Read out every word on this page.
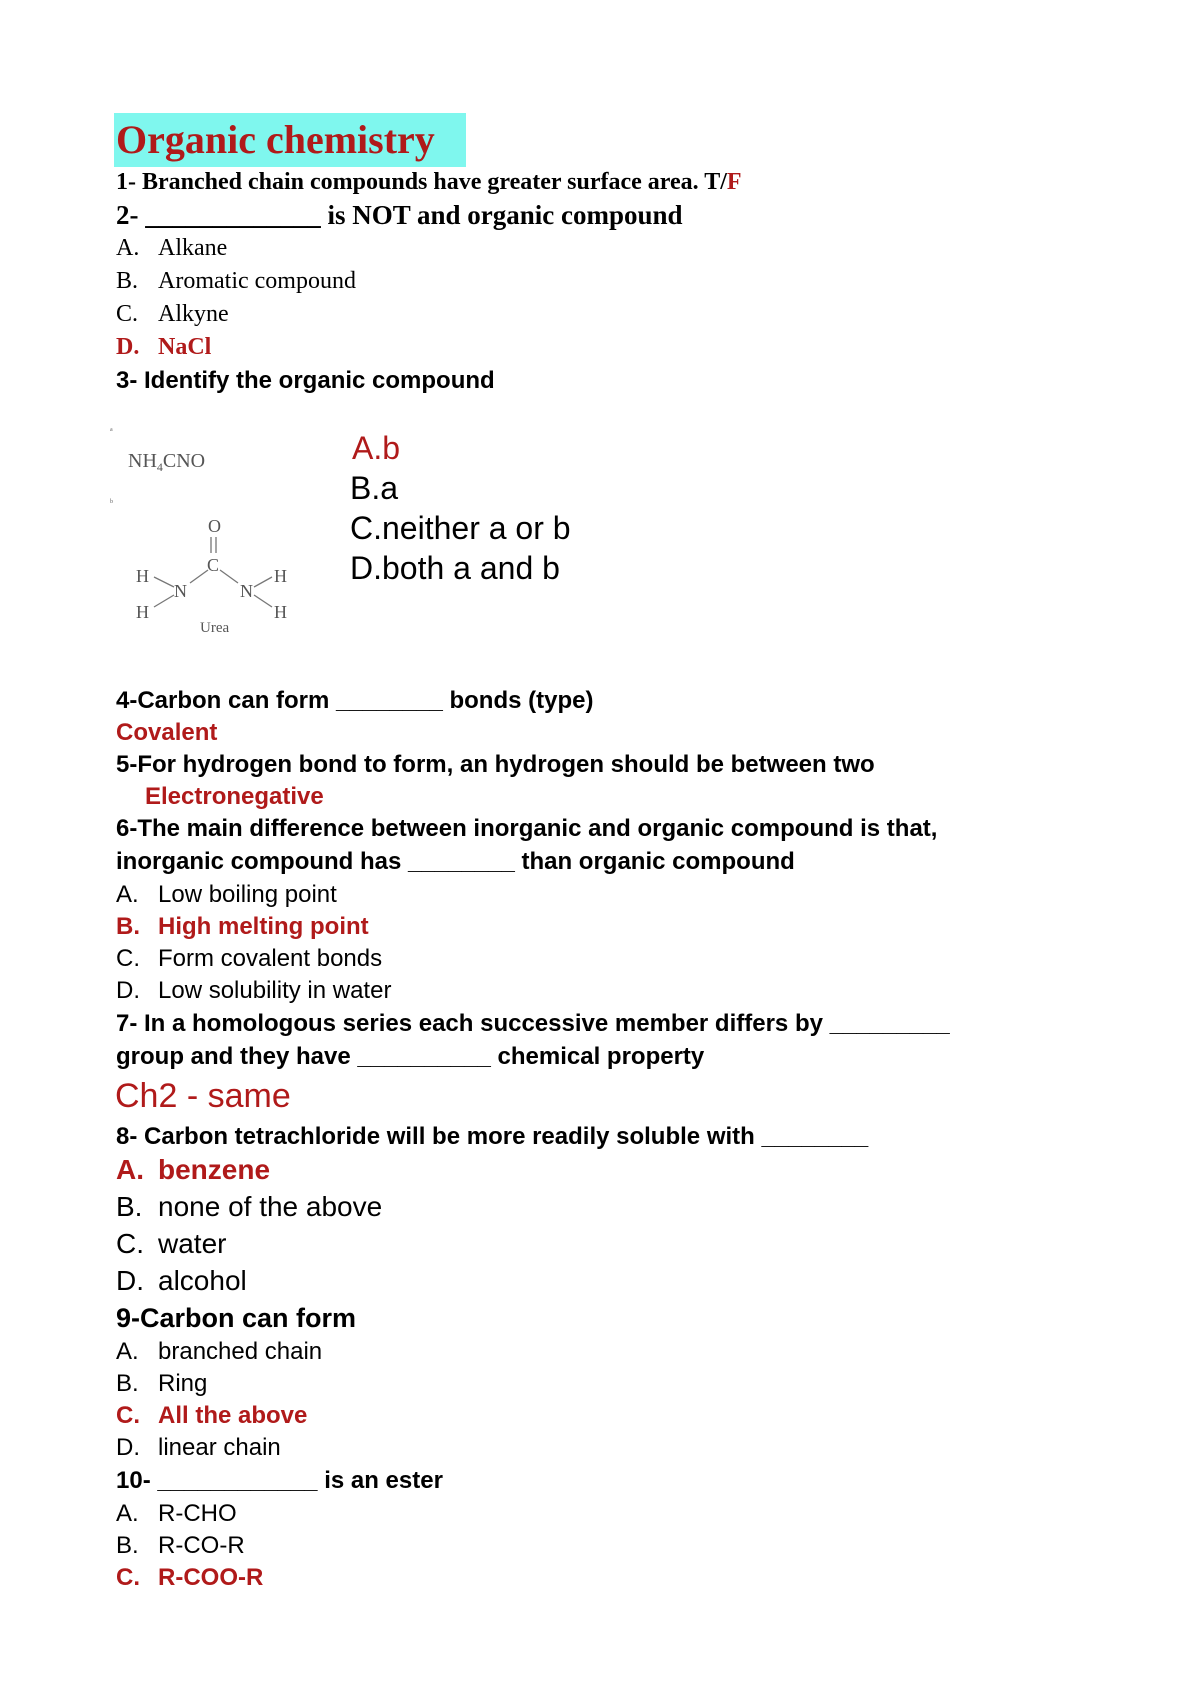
Organic chemistry
1- Branched chain compounds have greater surface area. T/F
2- _____________ is NOT and organic compound
A. Alkane
B. Aromatic compound
C. Alkyne
D. NaCl
3- Identify the organic compound
a
$NH_4CNO$
b
O
C
N	N
H
H
H
H
Urea
A.b
B.a
C.neither a or b
D.both a and b
4-Carbon can form ________ bonds (type)
Covalent
5-For hydrogen bond to form, an hydrogen should be between two
Electronegative
6-The main difference between inorganic and organic compound is that,
inorganic compound has ________ than organic compound
A. Low boiling point
B. High melting point
C. Form covalent bonds
D. Low solubility in water
7- In a homologous series each successive member differs by _________
group and they have __________ chemical property
Ch2 - same
8- Carbon tetrachloride will be more readily soluble with ________
A. benzene
B. none of the above
C. water
D. alcohol
9-Carbon can form
A. branched chain
B. Ring
C. All the above
D. linear chain
10- ____________ is an ester
A. R-CHO
B. R-CO-R
C. R-COO-R
